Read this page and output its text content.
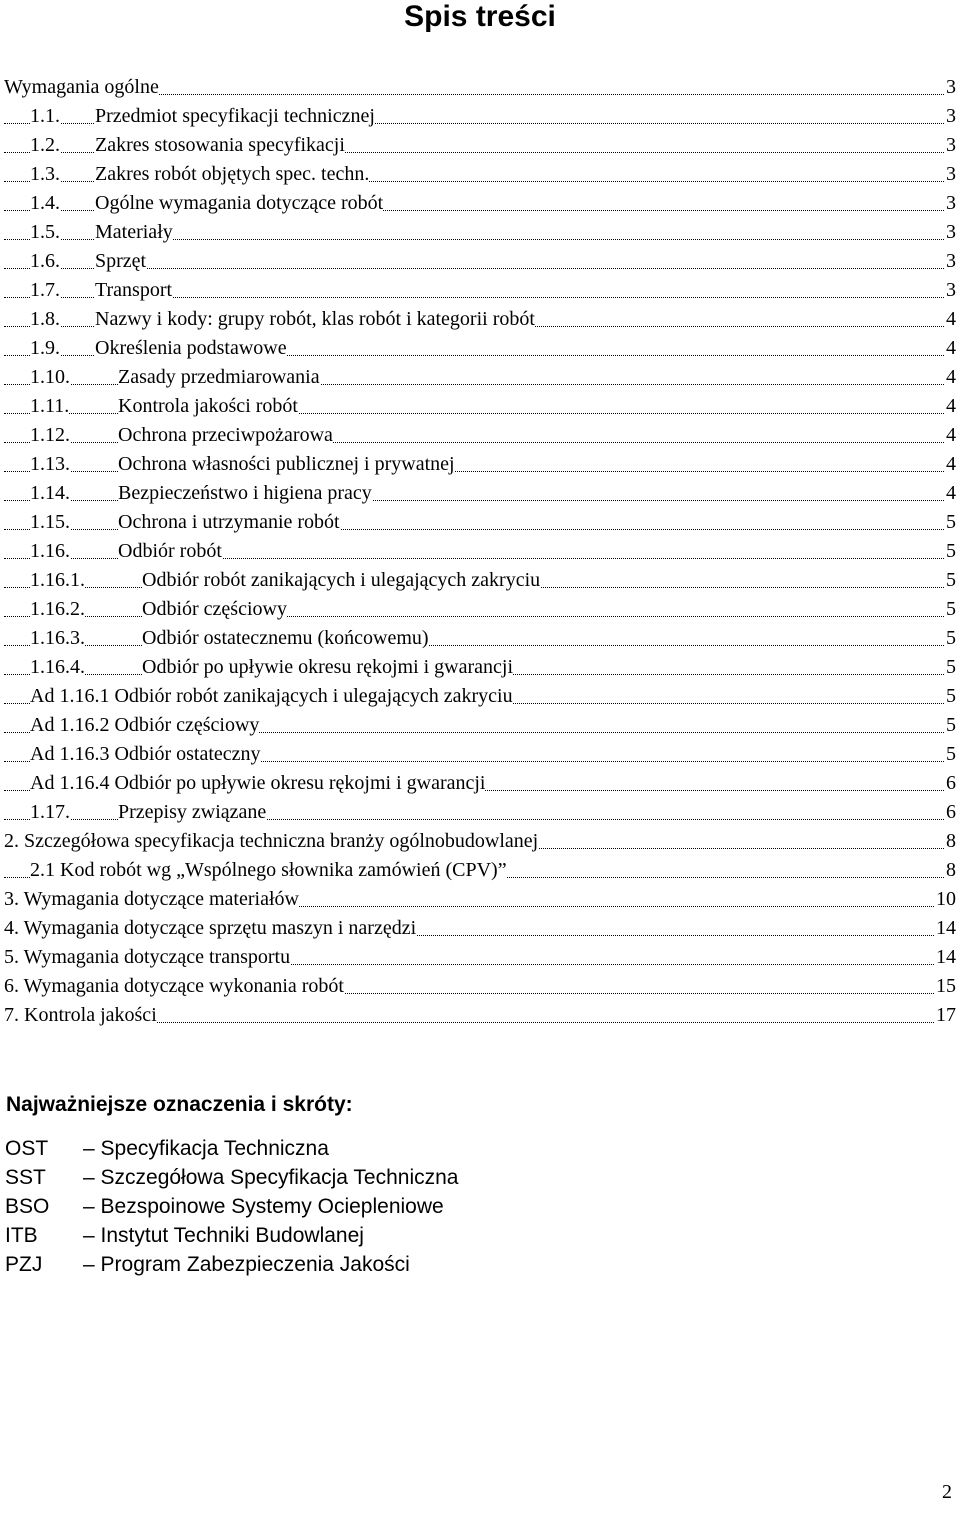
Spis treści
Wymagania ogólne	3
1.1. Przedmiot specyfikacji technicznej	3
1.2. Zakres stosowania specyfikacji	3
1.3. Zakres robót objętych spec. techn.	3
1.4. Ogólne wymagania dotyczące robót	3
1.5. Materiały	3
1.6. Sprzęt	3
1.7. Transport	3
1.8. Nazwy i kody: grupy robót, klas robót i kategorii robót	4
1.9. Określenia podstawowe	4
1.10. Zasady przedmiarowania	4
1.11. Kontrola jakości robót	4
1.12. Ochrona przeciwpożarowa	4
1.13. Ochrona własności publicznej i prywatnej	4
1.14. Bezpieczeństwo i higiena pracy	4
1.15. Ochrona i utrzymanie robót	5
1.16. Odbiór robót	5
1.16.1.	Odbiór robót zanikających i ulegających zakryciu	5
1.16.2.	Odbiór częściowy	5
1.16.3.	Odbiór ostatecznemu (końcowemu)	5
1.16.4.	Odbiór po upływie okresu rękojmi i gwarancji	5
Ad 1.16.1 Odbiór robót zanikających i ulegających zakryciu	5
Ad 1.16.2 Odbiór częściowy	5
Ad 1.16.3 Odbiór ostateczny	5
Ad 1.16.4 Odbiór po upływie okresu rękojmi i gwarancji	6
1.17. Przepisy związane	6
2. Szczegółowa specyfikacja techniczna branży ogólnobudowlanej	8
2.1 Kod robót wg „Wspólnego słownika zamówień (CPV)”	8
3. Wymagania dotyczące materiałów	10
4. Wymagania dotyczące sprzętu maszyn i narzędzi	14
5. Wymagania dotyczące transportu	14
6. Wymagania dotyczące wykonania robót	15
7. Kontrola jakości	17
Najważniejsze oznaczenia i skróty:
OST – Specyfikacja Techniczna
SST – Szczegółowa Specyfikacja Techniczna
BSO – Bezspoinowe Systemy Ociepleniowe
ITB – Instytut Techniki Budowlanej
PZJ – Program Zabezpieczenia Jakości
2
